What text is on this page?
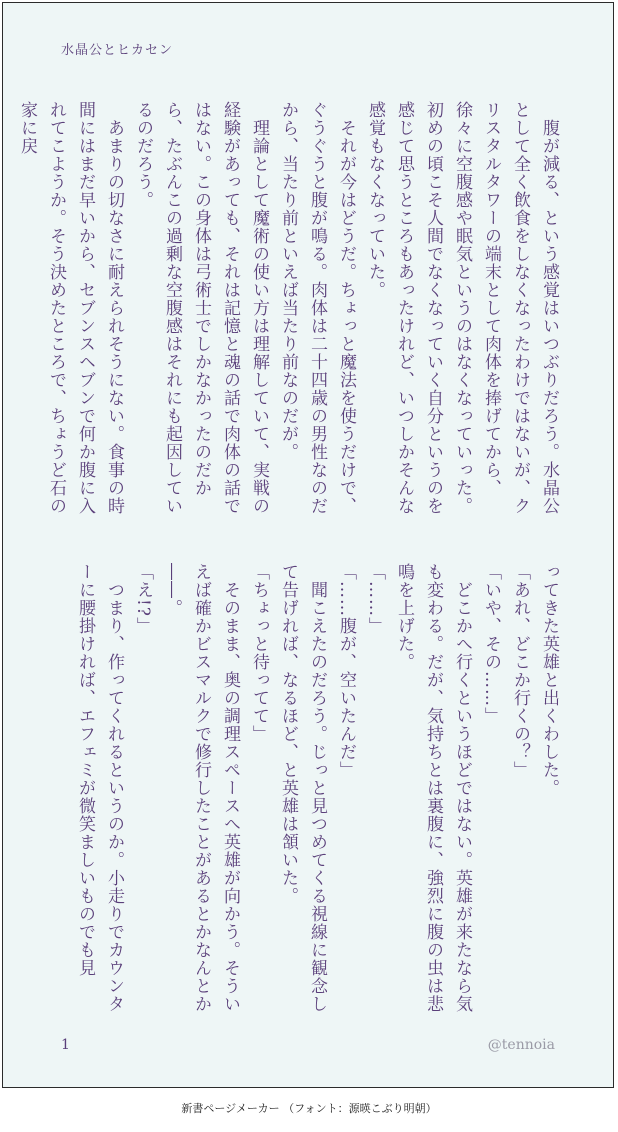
水晶公とヒカセン

　腹が減る、という感覚はいつぶりだろう。水晶公として全く飲食をしなくなったわけではないが、クリスタルタワーの端末として肉体を捧げてから、徐々に空腹感や眠気というのはなくなっていった。初めの頃こそ人間でなくなっていく自分というのを感じて思うところもあったけれど、いつしかそんな感覚もなくなっていた。

　それが今はどうだ。ちょっと魔法を使うだけで、ぐうぐうと腹が鳴る。肉体は二十四歳の男性なのだから、当たり前といえば当たり前なのだが。

　理論として魔術の使い方は理解していて、実戦の経験があっても、それは記憶と魂の話で肉体の話ではない。この身体は弓術士でしかなかったのだから、たぶんこの過剰な空腹感はそれにも起因しているのだろう。

　あまりの切なさに耐えられそうにない。食事の時間にはまだ早いから、セブンスヘブンで何か腹に入れてこようか。そう決めたところで、ちょうど石の家に戻

ってきた英雄と出くわした。

「あれ、どこか行くの？」

「いや、その……」

　どこかへ行くというほどではない。英雄が来たなら気も変わる。だが、気持ちとは裏腹に、強烈に腹の虫は悲鳴を上げた。

「……」

「……腹が、空いたんだ」

　聞こえたのだろう。じっと見つめてくる視線に観念して告げれば、なるほど、と英雄は頷いた。

「ちょっと待ってて」

　そのまま、奥の調理スペースへ英雄が向かう。そういえば確かビスマルクで修行したことがあるとかなんとか――。

「え!?」

　つまり、作ってくれるというのか。小走りでカウンターに腰掛ければ、エフェミが微笑ましいものでも見

1	@tennoia
新書ページメーカー （フォント：源暎こぶり明朝）
